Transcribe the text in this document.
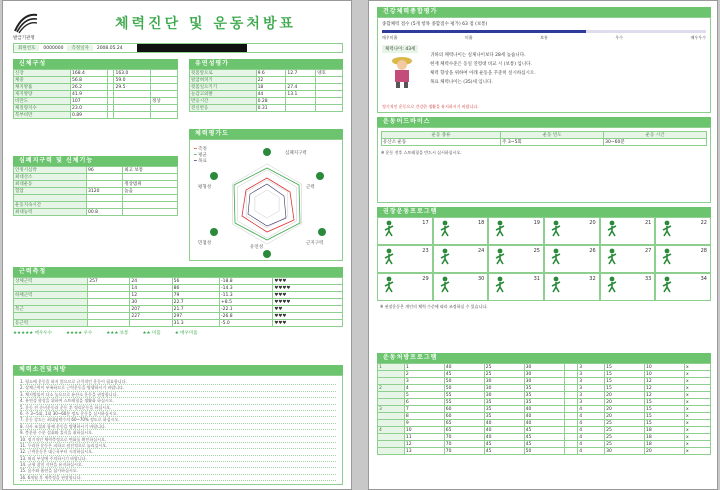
발급기관명
체력진단 및 운동처방표
회원번호	0000000	측정일자	2008.05.24
신체구성
신장	168.4		163.0	
체중	56.8		59.0	
체지방률	26.2		29.5	
제지방량	41.9			
비만도	107			정상
체질량지수	23.0			
복부비만	0.89			
유연성평가
윗몸앞으로	9.6	12.7	양호
팔굽혀펴기	22		
윗몸일으키기	18	27.4	
눈감고외발	44	13.1	
반응시간	0.28		
전신반응	0.31		
심폐지구력 및 신체기능
안정시심박	96	최고 보통
최대산소		
최대운동		정상범위
혈압	3120	높음

운동지속시간		
최대능력	00.8	
체력평가도
━ 측정
━ 평균
━ 목표
심폐지구력
근력
근지구력
유연성
민첩성
평형성
근력측정
상체근력	257	24	56	-18.8	♥♥♥
		14	86	-14.3	♥♥♥♥
하체근력		12	79	-11.3	♥♥♥
		30	22.7	+8.5	♥♥♥♥
복근		207	21.7	-22.1	♥♥
		227	297	-26.8	♥♥♥
등근력			31.3	-5.0	♥♥♥
★★★★★ 매우우수	★★★★ 우수	★★★ 보통	★★ 미흡	★ 매우미흡
체력소견및처방
1. 평소에 운동을 하지 않으므로 규칙적인 운동이 필요합니다.
2. 상체근력이 부족하므로 근력운동을 병행하시기 바랍니다.
3. 체지방률이 다소 높으므로 유산소 운동을 권장합니다.
4. 유연성 향상을 위하여 스트레칭을 생활화 하십시오.
5. 운동 전 준비운동과 운동 후 정리운동을 하십시오.
6. 주 3~5회, 1회 30~60분 정도 운동을 실시하십시오.
7. 운동 강도는 최대심박수의 60~70% 정도로 하십시오.
8. 식사 조절과 함께 운동을 병행하시기 바랍니다.
9. 충분한 수분 섭취와 휴식을 취하십시오.
10. 정기적인 체력측정으로 변화를 확인하십시오.
11. 무리한 운동은 피하고 점진적으로 늘리십시오.
12. 근력운동은 대근육부터 시작하십시오.
13. 허리 부상에 주의하시기 바랍니다.
14. 균형 잡힌 식단을 유지하십시오.
15. 음주와 흡연을 삼가하십시오.
16. 6개월 후 재측정을 권장합니다.
건강체력종합평가
종합체력 점수 (5개 항목 종합점수 평가) 63 점 (보통)
매우미흡	미흡	보통	우수	매우우수
체력나이: 43세
귀하의 체력나이는 실제나이보다 28세 높습니다.
현재 체력수준은 동일 연령대 비교 시 (보통) 입니다.
체력 향상을 위하여 아래 운동을 꾸준히 실시하십시오.
목표 체력나이는 (35)세 입니다.
정기적인 운동으로 건강한 생활을 유지하시기 바랍니다.
운동어드바이스
운동 종류	운동 빈도	운동 시간
유산소 운동	주 3~5회	30~60분
※ 운동 전후 스트레칭을 반드시 실시하십시오.
권장운동프로그램
17	18	19	20	21	22
23	24	25	26	27	28
29	30	31	32	33	34
※ 권장운동은 개인의 체력 수준에 따라 조정하실 수 있습니다.
운동처방프로그램
1	1	40	25	30		3	15	10	x
	2	45	25	30		3	15	10	x
	3	50	30	30		3	15	12	x
2	4	50	30	35		3	15	12	x
	5	55	30	35		3	20	12	x
	6	55	35	35		3	20	15	x
3	7	60	35	40		4	20	15	x
	8	60	35	40		4	20	15	x
	9	65	40	40		4	25	15	x
4	10	65	40	45		4	25	18	x
	11	70	40	45		4	25	18	x
	12	70	45	45		4	25	18	x
	13	70	45	50		4	30	20	x
